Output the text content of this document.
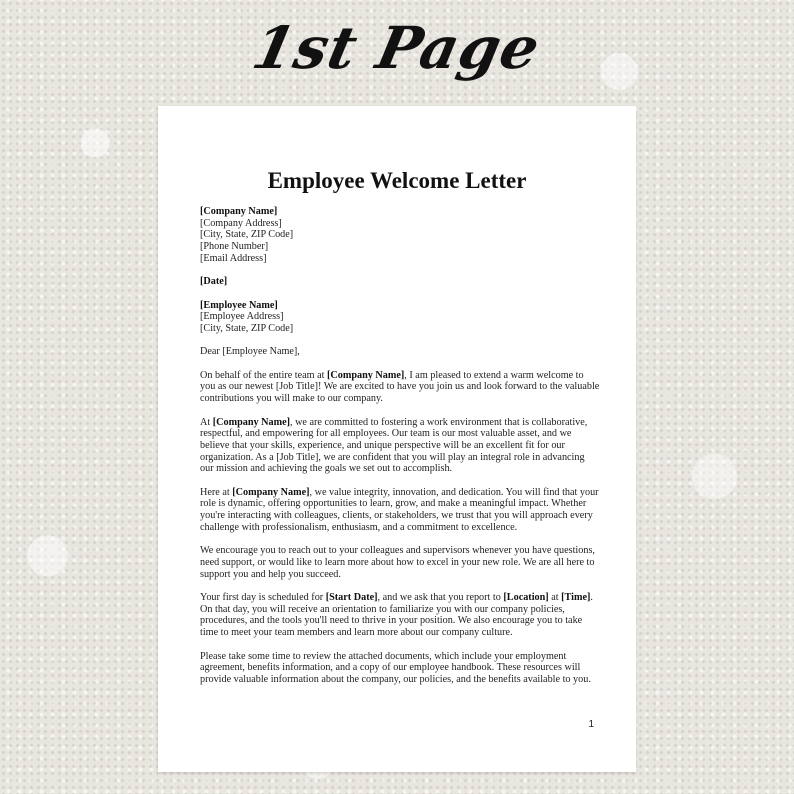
1st Page
Employee Welcome Letter

[Company Name]
[Company Address]
[City, State, ZIP Code]
[Phone Number]
[Email Address]

[Date]

[Employee Name]
[Employee Address]
[City, State, ZIP Code]

Dear [Employee Name],

On behalf of the entire team at [Company Name], I am pleased to extend a warm welcome to you as our newest [Job Title]! We are excited to have you join us and look forward to the valuable contributions you will make to our company.

At [Company Name], we are committed to fostering a work environment that is collaborative, respectful, and empowering for all employees. Our team is our most valuable asset, and we believe that your skills, experience, and unique perspective will be an excellent fit for our organization. As a [Job Title], we are confident that you will play an integral role in advancing our mission and achieving the goals we set out to accomplish.

Here at [Company Name], we value integrity, innovation, and dedication. You will find that your role is dynamic, offering opportunities to learn, grow, and make a meaningful impact. Whether you're interacting with colleagues, clients, or stakeholders, we trust that you will approach every challenge with professionalism, enthusiasm, and a commitment to excellence.

We encourage you to reach out to your colleagues and supervisors whenever you have questions, need support, or would like to learn more about how to excel in your new role. We are all here to support you and help you succeed.

Your first day is scheduled for [Start Date], and we ask that you report to [Location] at [Time]. On that day, you will receive an orientation to familiarize you with our company policies, procedures, and the tools you'll need to thrive in your position. We also encourage you to take time to meet your team members and learn more about our company culture.

Please take some time to review the attached documents, which include your employment agreement, benefits information, and a copy of our employee handbook. These resources will provide valuable information about the company, our policies, and the benefits available to you.

1
